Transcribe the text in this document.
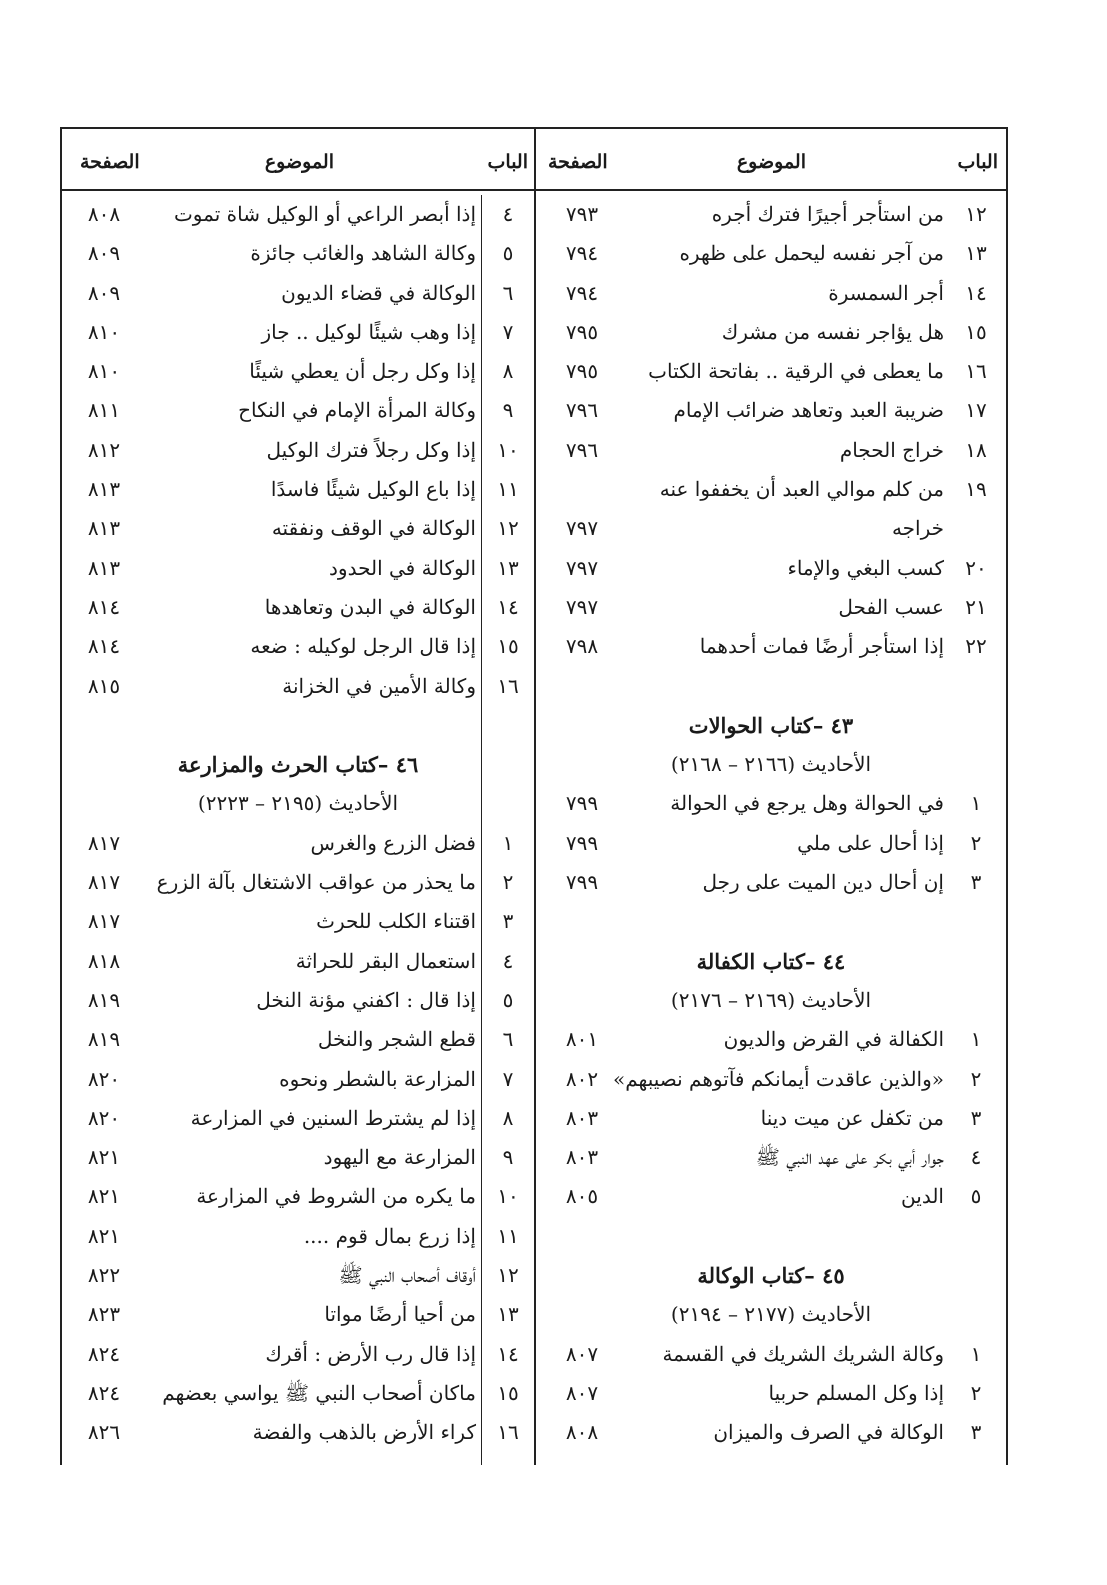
الباب
الموضوع
الصفحة
١٢
من استأجر أجيرًا فترك أجره
٧٩٣
١٣
من آجر نفسه ليحمل على ظهره
٧٩٤
١٤
أجر السمسرة
٧٩٤
١٥
هل يؤاجر نفسه من مشرك
٧٩٥
١٦
ما يعطى في الرقية .. بفاتحة الكتاب
٧٩٥
١٧
ضريبة العبد وتعاهد ضرائب الإمام
٧٩٦
١٨
خراج الحجام
٧٩٦
١٩
من كلم موالي العبد أن يخففوا عنه
خراجه
٧٩٧
٢٠
كسب البغي والإماء
٧٩٧
٢١
عسب الفحل
٧٩٧
٢٢
إذا استأجر أرضًا فمات أحدهما
٧٩٨
٤٣ –كتاب الحوالات
الأحاديث (٢١٦٦ – ٢١٦٨)
١
في الحوالة وهل يرجع في الحوالة
٧٩٩
٢
إذا أحال على ملي
٧٩٩
٣
إن أحال دين الميت على رجل
٧٩٩
٤٤ –كتاب الكفالة
الأحاديث (٢١٦٩ – ٢١٧٦)
١
الكفالة في القرض والديون
٨٠١
٢
«والذين عاقدت أيمانكم فآتوهم نصيبهم»
٨٠٢
٣
من تكفل عن ميت دينا
٨٠٣
٤
جوار أبي بكر على عهد النبي ﷺ
٨٠٣
٥
الدين
٨٠٥
٤٥ –كتاب الوكالة
الأحاديث (٢١٧٧ – ٢١٩٤)
١
وكالة الشريك الشريك في القسمة
٨٠٧
٢
إذا وكل المسلم حربيا
٨٠٧
٣
الوكالة في الصرف والميزان
٨٠٨
الباب
الموضوع
الصفحة
٤
إذا أبصر الراعي أو الوكيل شاة تموت
٨٠٨
٥
وكالة الشاهد والغائب جائزة
٨٠٩
٦
الوكالة في قضاء الديون
٨٠٩
٧
إذا وهب شيئًا لوكيل .. جاز
٨١٠
٨
إذا وكل رجل أن يعطي شيئًا
٨١٠
٩
وكالة المرأة الإمام في النكاح
٨١١
١٠
إذا وكل رجلاً فترك الوكيل
٨١٢
١١
إذا باع الوكيل شيئًا فاسدًا
٨١٣
١٢
الوكالة في الوقف ونفقته
٨١٣
١٣
الوكالة في الحدود
٨١٣
١٤
الوكالة في البدن وتعاهدها
٨١٤
١٥
إذا قال الرجل لوكيله : ضعه
٨١٤
١٦
وكالة الأمين في الخزانة
٨١٥
٤٦ –كتاب الحرث والمزارعة
الأحاديث (٢١٩٥ – ٢٢٢٣)
١
فضل الزرع والغرس
٨١٧
٢
ما يحذر من عواقب الاشتغال بآلة الزرع
٨١٧
٣
اقتناء الكلب للحرث
٨١٧
٤
استعمال البقر للحراثة
٨١٨
٥
إذا قال : اكفني مؤنة النخل
٨١٩
٦
قطع الشجر والنخل
٨١٩
٧
المزارعة بالشطر ونحوه
٨٢٠
٨
إذا لم يشترط السنين في المزارعة
٨٢٠
٩
المزارعة مع اليهود
٨٢١
١٠
ما يكره من الشروط في المزارعة
٨٢١
١١
إذا زرع بمال قوم ....
٨٢١
١٢
أوقاف أصحاب النبي ﷺ
٨٢٢
١٣
من أحيا أرضًا مواتا
٨٢٣
١٤
إذا قال رب الأرض : أقرك
٨٢٤
١٥
ماكان أصحاب النبي ﷺ يواسي بعضهم
٨٢٤
١٦
كراء الأرض بالذهب والفضة
٨٢٦
